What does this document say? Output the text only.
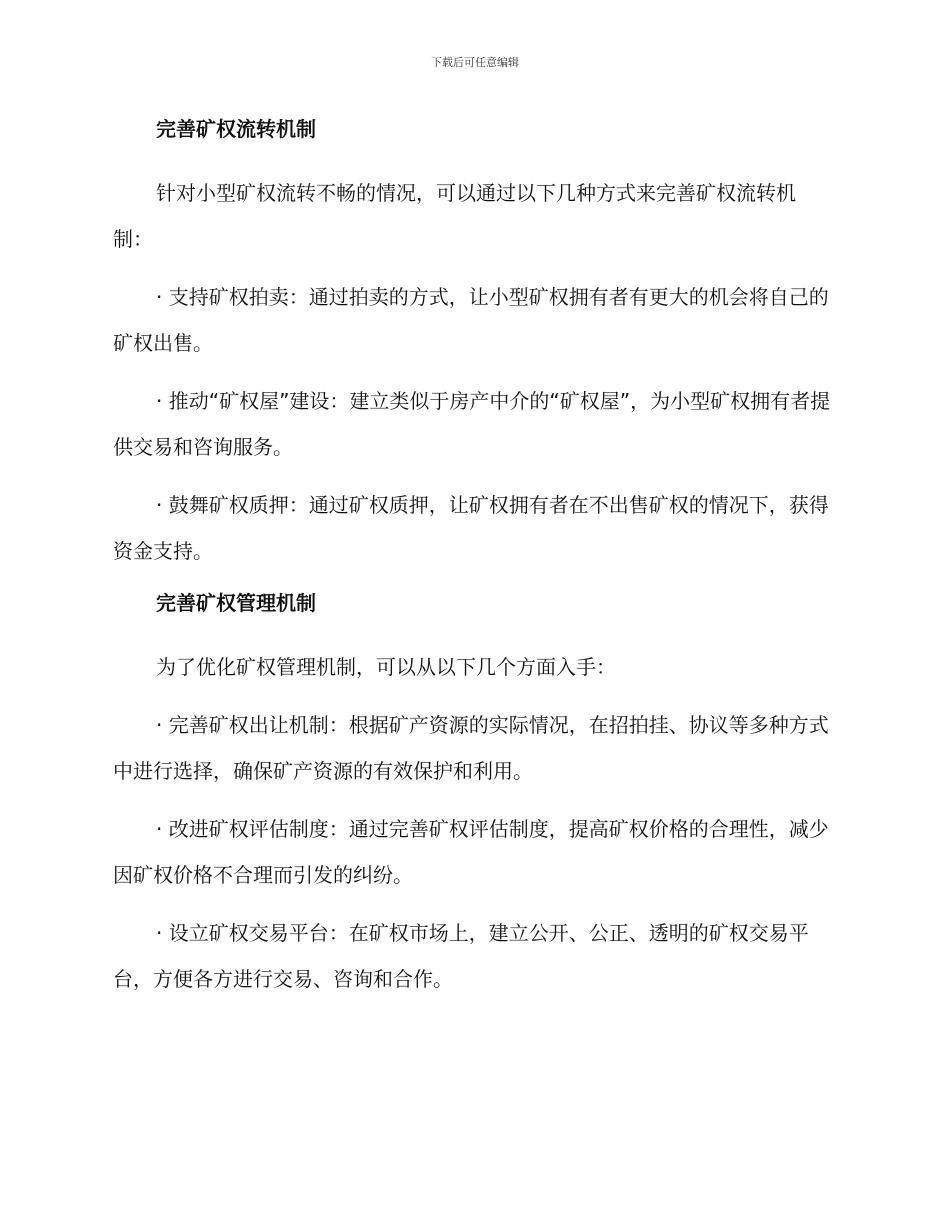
下载后可任意编辑
完善矿权流转机制

针对小型矿权流转不畅的情况，可以通过以下几种方式来完善矿权流转机制：

· 支持矿权拍卖：通过拍卖的方式，让小型矿权拥有者有更大的机会将自己的矿权出售。

· 推动“矿权屋”建设：建立类似于房产中介的“矿权屋”，为小型矿权拥有者提供交易和咨询服务。

· 鼓舞矿权质押：通过矿权质押，让矿权拥有者在不出售矿权的情况下，获得资金支持。

完善矿权管理机制

为了优化矿权管理机制，可以从以下几个方面入手：

· 完善矿权出让机制：根据矿产资源的实际情况，在招拍挂、协议等多种方式中进行选择，确保矿产资源的有效保护和利用。

· 改进矿权评估制度：通过完善矿权评估制度，提高矿权价格的合理性，减少因矿权价格不合理而引发的纠纷。

· 设立矿权交易平台：在矿权市场上，建立公开、公正、透明的矿权交易平台，方便各方进行交易、咨询和合作。
